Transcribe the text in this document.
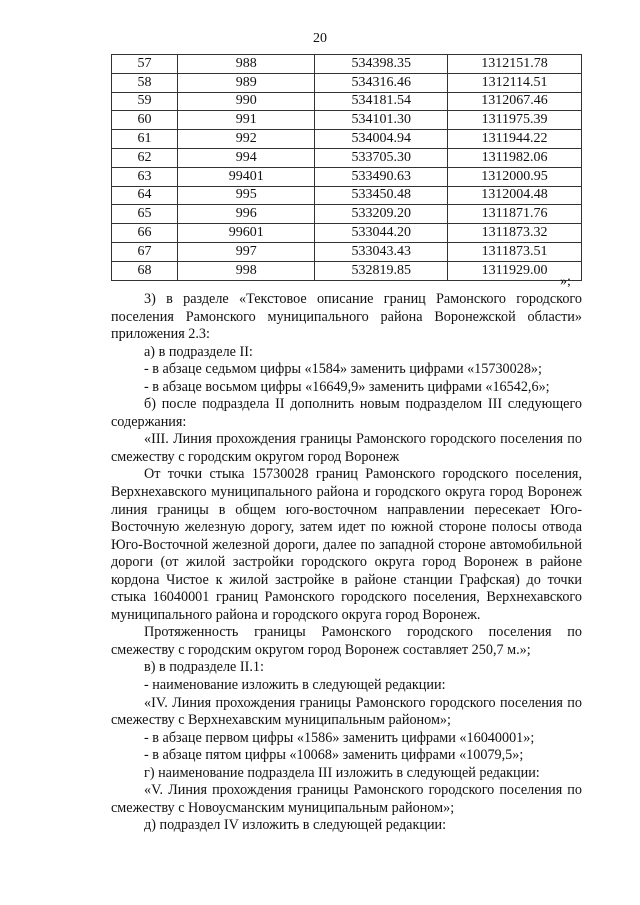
20
57	988	534398.35	1312151.78
58	989	534316.46	1312114.51
59	990	534181.54	1312067.46
60	991	534101.30	1311975.39
61	992	534004.94	1311944.22
62	994	533705.30	1311982.06
63	99401	533490.63	1312000.95
64	995	533450.48	1312004.48
65	996	533209.20	1311871.76
66	99601	533044.20	1311873.32
67	997	533043.43	1311873.51
68	998	532819.85	1311929.00
»;

3) в разделе «Текстовое описание границ Рамонского городского поселения Рамонского муниципального района Воронежской области» приложения 2.3:

а) в подразделе II:

- в абзаце седьмом цифры «1584» заменить цифрами «15730028»;

- в абзаце восьмом цифры «16649,9» заменить цифрами «16542,6»;

б) после подраздела II дополнить новым подразделом III следующего содержания:

«III. Линия прохождения границы Рамонского городского поселения по смежеству с городским округом город Воронеж

От точки стыка 15730028 границ Рамонского городского поселения, Верхнехавского муниципального района и городского округа город Воронеж линия границы в общем юго-восточном направлении пересекает Юго-Восточную железную дорогу, затем идет по южной стороне полосы отвода Юго-Восточной железной дороги, далее по западной стороне автомобильной дороги (от жилой застройки городского округа город Воронеж в районе кордона Чистое к жилой застройке в районе станции Графская) до точки стыка 16040001 границ Рамонского городского поселения, Верхнехавского муниципального района и городского округа город Воронеж.

Протяженность границы Рамонского городского поселения по смежеству с городским округом город Воронеж составляет 250,7 м.»;

в) в подразделе II.1:

- наименование изложить в следующей редакции:

«IV. Линия прохождения границы Рамонского городского поселения по смежеству с Верхнехавским муниципальным районом»;

- в абзаце первом цифры «1586» заменить цифрами «16040001»;

- в абзаце пятом цифры «10068» заменить цифрами «10079,5»;

г) наименование подраздела III изложить в следующей редакции:

«V. Линия прохождения границы Рамонского городского поселения по смежеству с Новоусманским муниципальным районом»;

д) подраздел IV изложить в следующей редакции:
